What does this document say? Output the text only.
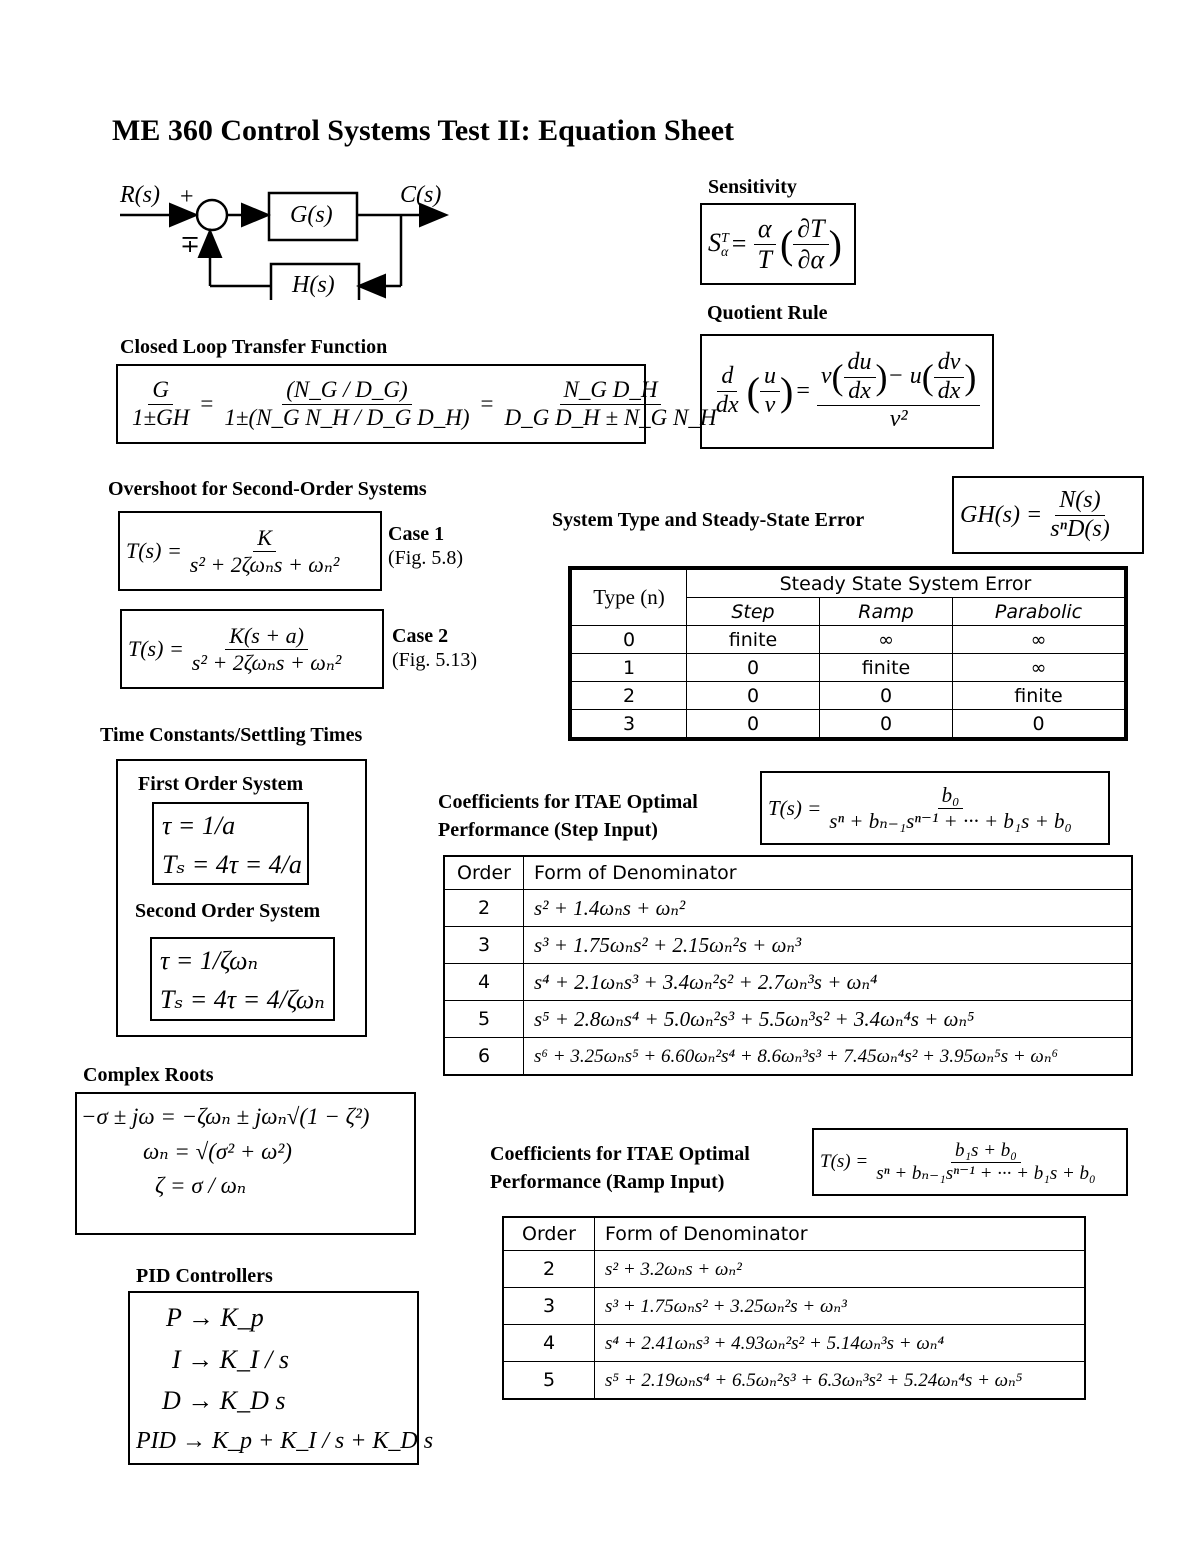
ME 360 Control Systems Test II: Equation Sheet
R(s) +
∓
G(s)
C(s)
H(s)
Sensitivity
S T
$\alpha = \frac{\alpha}{T}$ ( $\frac{\partial T}{\partial\alpha}$ )
Quotient Rule
$\frac{d}{dx}$ ( $\frac{u}{v}$ ) = $\frac{v ( \frac{du}{dx} ) - u ( \frac{dv}{dx} )}{\text{v²}}$
Closed Loop Transfer Function
$\frac{G}{1\pm GH} = \frac{(N\_G / D\_G)}{\text{1±(N\_G N\_H / D\_G D\_H)}} = \frac{\text{N\_G D\_H}}{\text{D\_G D\_H ± N\_G N\_H}}$
Overshoot for Second-Order Systems
$T(s) = \frac{K}{\text{s² + 2ζωₙs + ωₙ²}}$ Case 1
(Fig. 5.8)
$T(s) = \frac{K(s + a)}{\text{s² + 2ζωₙs + ωₙ²}}$ Case 2
(Fig. 5.13)
System Type and Steady-State Error	$GH(s) = \frac{N(s)}{\text{sⁿD(s)}}$
Type (n)	Steady State System Error		
	Step	Ramp	Parabolic
0	finite	∞	∞
1	0	finite	∞
2	0	0	finite
3	0	0	0
Time Constants/Settling Times
First Order System
τ = 1/a
Tₛ = 4τ = 4/a
Second Order System
τ = 1/ζωₙ
Tₛ = 4τ = 4/ζωₙ
Coefficients for ITAE Optimal
Performance (Step Input)
$T(s) = \frac{\text{b₀}}{\text{sⁿ + bₙ₋₁sⁿ⁻¹ + ··· + b₁s + b₀}}$
Order	Form of Denominator
2	s² + 1.4ωₙs + ωₙ²
3	s³ + 1.75ωₙs² + 2.15ωₙ²s + ωₙ³
4	s⁴ + 2.1ωₙs³ + 3.4ωₙ²s² + 2.7ωₙ³s + ωₙ⁴
5	s⁵ + 2.8ωₙs⁴ + 5.0ωₙ²s³ + 5.5ωₙ³s² + 3.4ωₙ⁴s + ωₙ⁵
6	s⁶ + 3.25ωₙs⁵ + 6.60ωₙ²s⁴ + 8.6ωₙ³s³ + 7.45ωₙ⁴s² + 3.95ωₙ⁵s + ωₙ⁶
Complex Roots
−σ ± jω = −ζωₙ ± jωₙ√(1 − ζ²)
ωₙ = √(σ² + ω²)
ζ = σ / ωₙ
Coefficients for ITAE Optimal
Performance (Ramp Input)
$T(s) = \frac{\text{b₁s + b₀}}{\text{sⁿ + bₙ₋₁sⁿ⁻¹ + ··· + b₁s + b₀}}$
Order	Form of Denominator
2	s² + 3.2ωₙs + ωₙ²
3	s³ + 1.75ωₙs² + 3.25ωₙ²s + ωₙ³
4	s⁴ + 2.41ωₙs³ + 4.93ωₙ²s² + 5.14ωₙ³s + ωₙ⁴
5	s⁵ + 2.19ωₙs⁴ + 6.5ωₙ²s³ + 6.3ωₙ³s² + 5.24ωₙ⁴s + ωₙ⁵
PID Controllers
P → K_p
I → K_I / s
D → K_D s
PID → K_p + K_I / s + K_D s
